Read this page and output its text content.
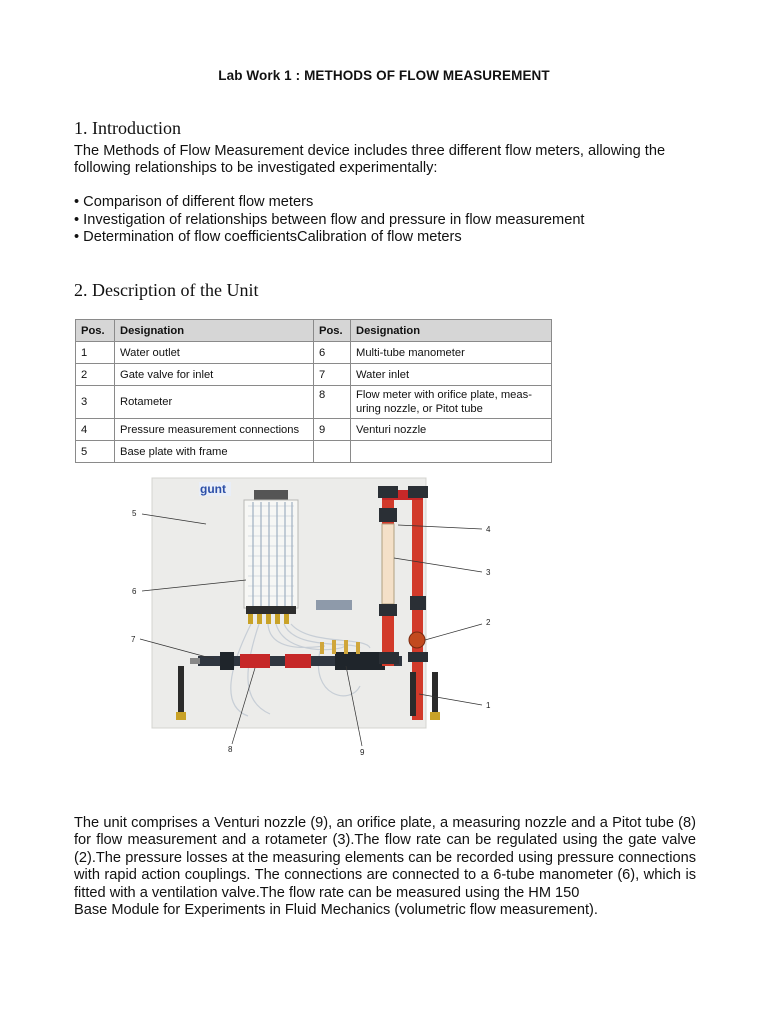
Lab Work 1 : METHODS OF FLOW MEASUREMENT
1. Introduction
The Methods of Flow Measurement device includes three different flow meters, allowing the following relationships to be investigated experimentally:
• Comparison of different flow meters
• Investigation of relationships between flow and pressure in flow measurement
• Determination of flow coefficientsCalibration of flow meters
2. Description of the Unit
Pos.	Designation	Pos.	Designation
1	Water outlet	6	Multi-tube manometer
2	Gate valve for inlet	7	Water inlet
3	Rotameter	8	Flow meter with orifice plate, meas-uring nozzle, or Pitot tube
4	Pressure measurement connections	9	Venturi nozzle
5	Base plate with frame		
gunt
5
6
7
4
3
2
1
8	9
The unit comprises a Venturi nozzle (9), an orifice plate, a measuring nozzle and a Pitot tube (8) for flow measurement and a rotameter (3).The flow rate can be regulated using the gate valve (2).The pressure losses at the measuring elements can be recorded using pressure connections with rapid action couplings. The connections are connected to a 6-tube manometer (6), which is fitted with a ventilation valve.The flow rate can be measured using the HM 150
Base Module for Experiments in Fluid Mechanics (volumetric flow measurement).
